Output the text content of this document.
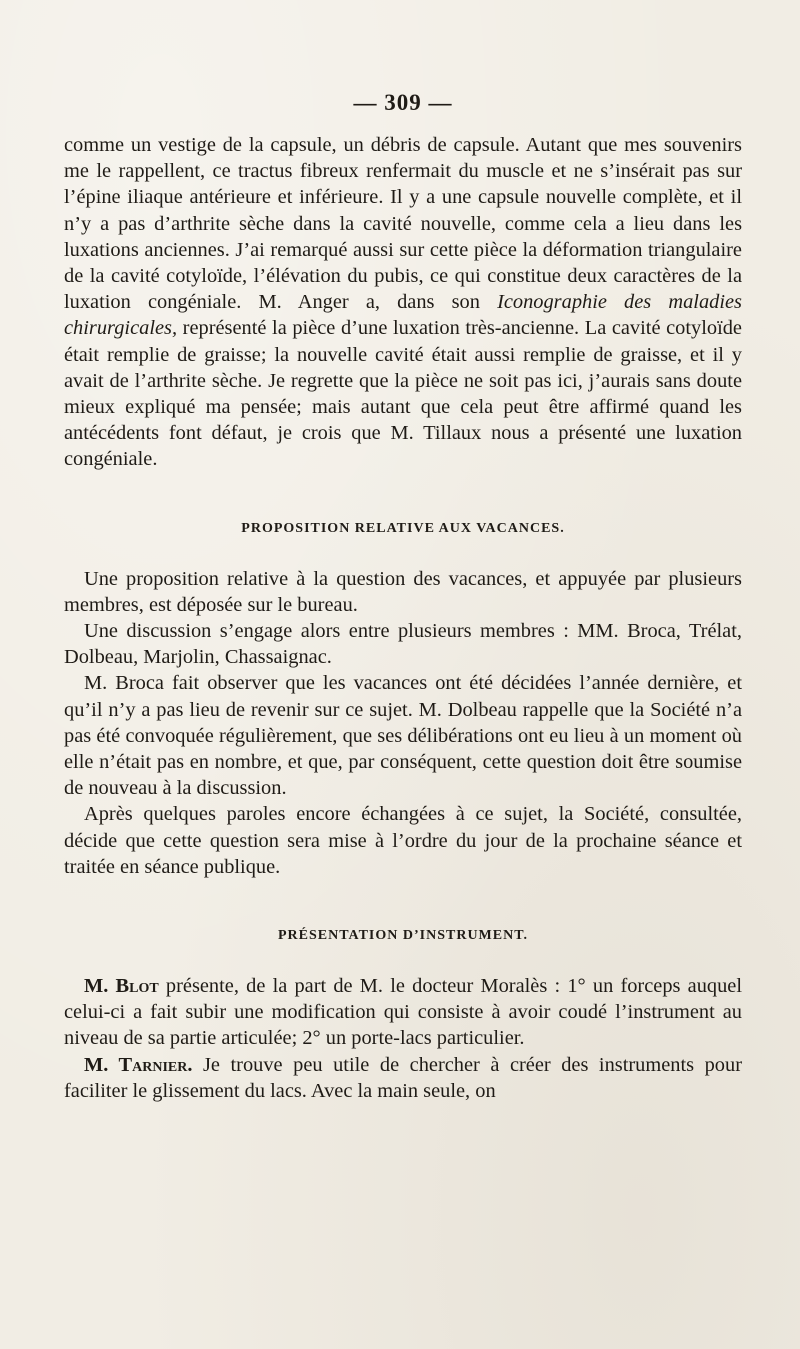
— 309 —

comme un vestige de la capsule, un débris de capsule. Autant que mes souvenirs me le rappellent, ce tractus fibreux renfermait du muscle et ne s’insérait pas sur l’épine iliaque antérieure et inférieure. Il y a une capsule nouvelle complète, et il n’y a pas d’arthrite sèche dans la cavité nouvelle, comme cela a lieu dans les luxations anciennes. J’ai remarqué aussi sur cette pièce la déformation triangulaire de la cavité cotyloïde, l’élévation du pubis, ce qui constitue deux caractères de la luxation congéniale. M. Anger a, dans son Iconographie des maladies chirurgicales, représenté la pièce d’une luxation très-ancienne. La cavité cotyloïde était remplie de graisse; la nouvelle cavité était aussi remplie de graisse, et il y avait de l’arthrite sèche. Je regrette que la pièce ne soit pas ici, j’aurais sans doute mieux expliqué ma pensée; mais autant que cela peut être affirmé quand les antécédents font défaut, je crois que M. Tillaux nous a présenté une luxation congéniale.

PROPOSITION RELATIVE AUX VACANCES.

Une proposition relative à la question des vacances, et appuyée par plusieurs membres, est déposée sur le bureau.

Une discussion s’engage alors entre plusieurs membres : MM. Broca, Trélat, Dolbeau, Marjolin, Chassaignac.

M. Broca fait observer que les vacances ont été décidées l’année dernière, et qu’il n’y a pas lieu de revenir sur ce sujet. M. Dolbeau rappelle que la Société n’a pas été convoquée régulièrement, que ses délibérations ont eu lieu à un moment où elle n’était pas en nombre, et que, par conséquent, cette question doit être soumise de nouveau à la discussion.

Après quelques paroles encore échangées à ce sujet, la Société, consultée, décide que cette question sera mise à l’ordre du jour de la prochaine séance et traitée en séance publique.

PRÉSENTATION D’INSTRUMENT.

M. Blot présente, de la part de M. le docteur Moralès : 1° un forceps auquel celui-ci a fait subir une modification qui consiste à avoir coudé l’instrument au niveau de sa partie articulée; 2° un porte-lacs particulier.

M. Tarnier. Je trouve peu utile de chercher à créer des instruments pour faciliter le glissement du lacs. Avec la main seule, on
